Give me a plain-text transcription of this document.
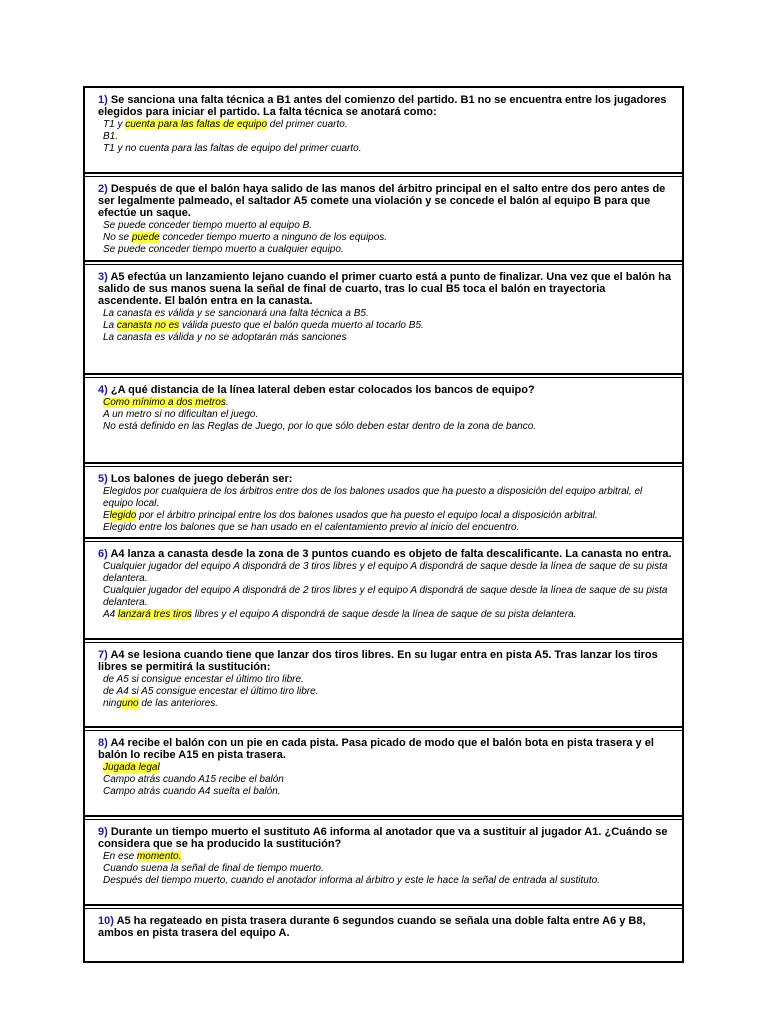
1) Se sanciona una falta técnica a B1 antes del comienzo del partido. B1 no se encuentra entre los jugadores elegidos para iniciar el partido. La falta técnica se anotará como:

T1 y cuenta para las faltas de equipo del primer cuarto.
B1.
T1 y no cuenta para las faltas de equipo del primer cuarto.

2) Después de que el balón haya salido de las manos del árbitro principal en el salto entre dos pero antes de ser legalmente palmeado, el saltador A5 comete una violación y se concede el balón al equipo B para que efectúe un saque.

Se puede conceder tiempo muerto al equipo B.
No se puede conceder tiempo muerto a ninguno de los equipos.
Se puede conceder tiempo muerto a cualquier equipo.

3) A5 efectúa un lanzamiento lejano cuando el primer cuarto está a punto de finalizar. Una vez que el balón ha salido de sus manos suena la señal de final de cuarto, tras lo cual B5 toca el balón en trayectoria ascendente. El balón entra en la canasta.

La canasta es válida y se sancionará una falta técnica a B5.
La canasta no es válida puesto que el balón queda muerto al tocarlo B5.
La canasta es válida y no se adoptarán más sanciones

4) ¿A qué distancia de la línea lateral deben estar colocados los bancos de equipo?

Como mínimo a dos metros.
A un metro si no dificultan el juego.
No está definido en las Reglas de Juego, por lo que sólo deben estar dentro de la zona de banco.

5) Los balones de juego deberán ser:

Elegidos por cualquiera de los árbitros entre dos de los balones usados que ha puesto a disposición del equipo arbitral, el equipo local.
Elegido por el árbitro principal entre los dos balones usados que ha puesto el equipo local a disposición arbitral.
Elegido entre los balones que se han usado en el calentamiento previo al inicio del encuentro.

6) A4 lanza a canasta desde la zona de 3 puntos cuando es objeto de falta descalificante. La canasta no entra.

Cualquier jugador del equipo A dispondrá de 3 tiros libres y el equipo A dispondrá de saque desde la línea de saque de su pista delantera.
Cualquier jugador del equipo A dispondrá de 2 tiros libres y el equipo A dispondrá de saque desde la línea de saque de su pista delantera.
A4 lanzará tres tiros libres y el equipo A dispondrá de saque desde la línea de saque de su pista delantera.

7) A4 se lesiona cuando tiene que lanzar dos tiros libres. En su lugar entra en pista A5. Tras lanzar los tiros libres se permitirá la sustitución:

de A5 si consigue encestar el último tiro libre.
de A4 si A5 consigue encestar el último tiro libre.
ninguno de las anteriores.

8) A4 recibe el balón con un pie en cada pista. Pasa picado de modo que el balón bota en pista trasera y el balón lo recibe A15 en pista trasera.

Jugada legal
Campo atrás cuando A15 recibe el balón
Campo atrás cuando A4 suelta el balón.

9) Durante un tiempo muerto el sustituto A6 informa al anotador que va a sustituir al jugador A1. ¿Cuándo se considera que se ha producido la sustitución?

En ese momento.
Cuando suena la señal de final de tiempo muerto.
Después del tiempo muerto, cuando el anotador informa al árbitro y este le hace la señal de entrada al sustituto.

10) A5 ha regateado en pista trasera durante 6 segundos cuando se señala una doble falta entre A6 y B8, ambos en pista trasera del equipo A.
